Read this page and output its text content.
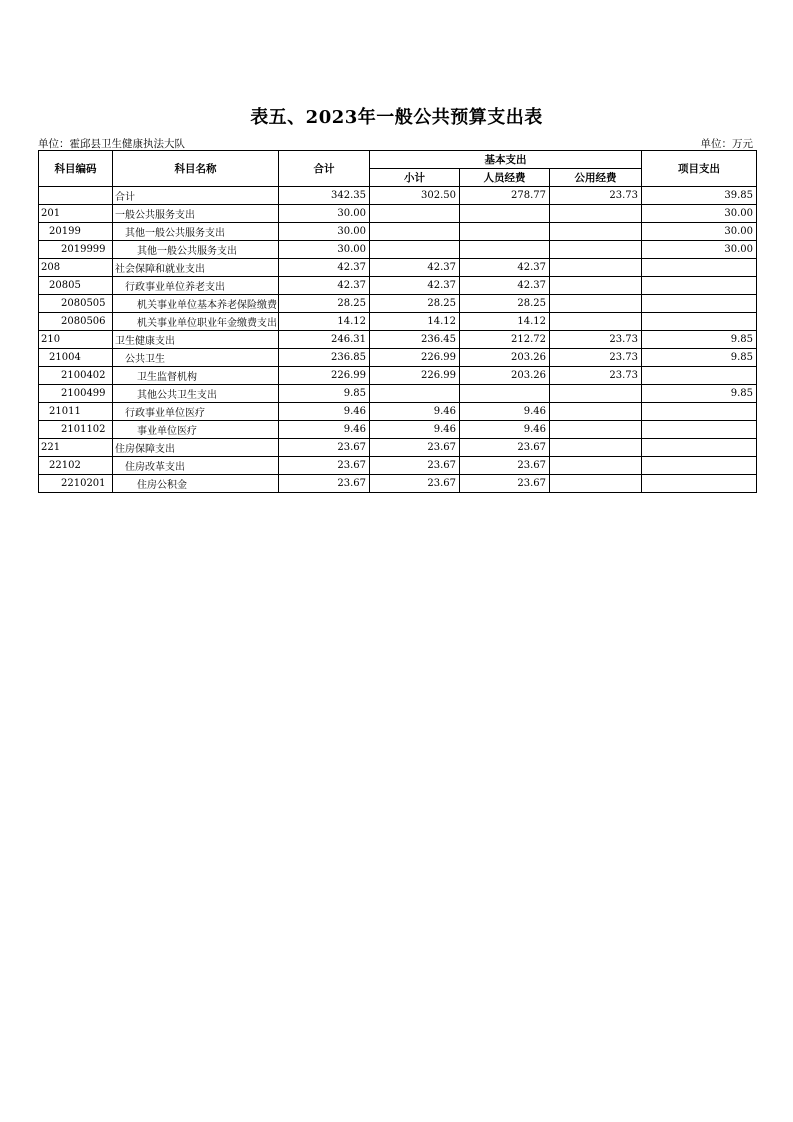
表五、2023年一般公共预算支出表
单位：霍邱县卫生健康执法大队	单位：万元
科目编码	科目名称	合计	基本支出			项目支出
			小计	人员经费	公用经费	
	合计	342.35	302.50	278.77	23.73	39.85
201	一般公共服务支出	30.00				30.00
20199	其他一般公共服务支出	30.00				30.00
2019999	其他一般公共服务支出	30.00				30.00
208	社会保障和就业支出	42.37	42.37	42.37		
20805	行政事业单位养老支出	42.37	42.37	42.37		
2080505	机关事业单位基本养老保险缴费	28.25	28.25	28.25		
2080506	机关事业单位职业年金缴费支出	14.12	14.12	14.12		
210	卫生健康支出	246.31	236.45	212.72	23.73	9.85
21004	公共卫生	236.85	226.99	203.26	23.73	9.85
2100402	卫生监督机构	226.99	226.99	203.26	23.73	
2100499	其他公共卫生支出	9.85				9.85
21011	行政事业单位医疗	9.46	9.46	9.46		
2101102	事业单位医疗	9.46	9.46	9.46		
221	住房保障支出	23.67	23.67	23.67		
22102	住房改革支出	23.67	23.67	23.67		
2210201	住房公积金	23.67	23.67	23.67		
